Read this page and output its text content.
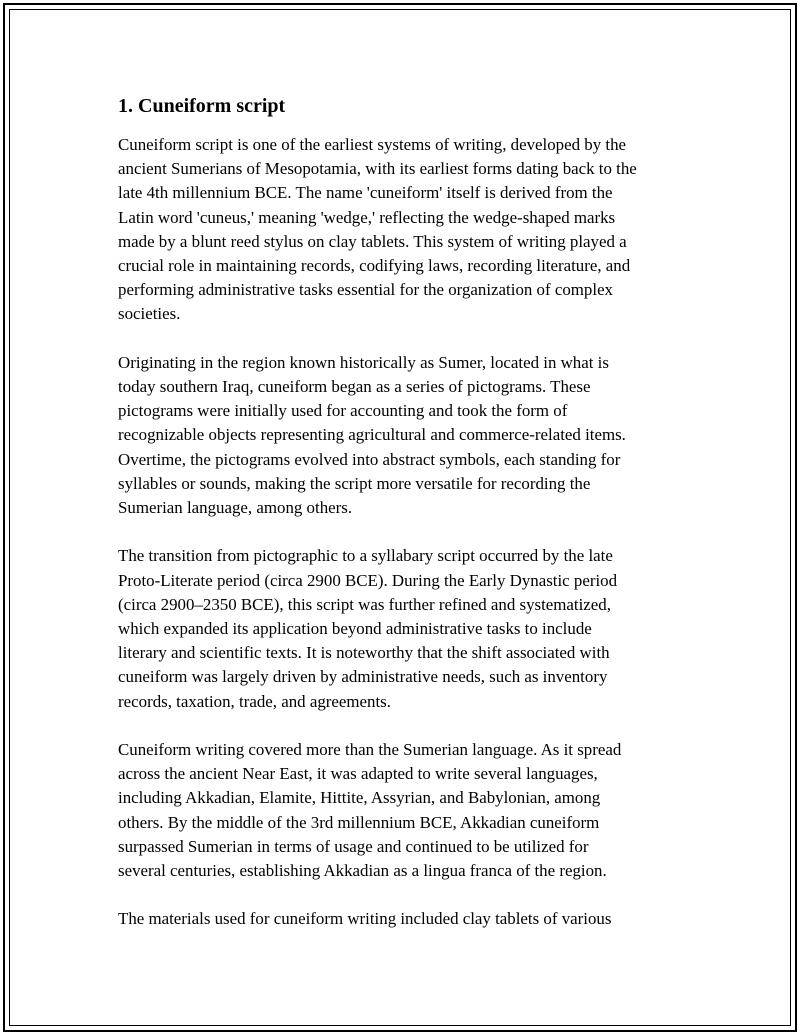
1. Cuneiform script
Cuneiform script is one of the earliest systems of writing, developed by the
ancient Sumerians of Mesopotamia, with its earliest forms dating back to the
late 4th millennium BCE. The name 'cuneiform' itself is derived from the
Latin word 'cuneus,' meaning 'wedge,' reflecting the wedge-shaped marks
made by a blunt reed stylus on clay tablets. This system of writing played a
crucial role in maintaining records, codifying laws, recording literature, and
performing administrative tasks essential for the organization of complex
societies.
Originating in the region known historically as Sumer, located in what is
today southern Iraq, cuneiform began as a series of pictograms. These
pictograms were initially used for accounting and took the form of
recognizable objects representing agricultural and commerce-related items.
Overtime, the pictograms evolved into abstract symbols, each standing for
syllables or sounds, making the script more versatile for recording the
Sumerian language, among others.
The transition from pictographic to a syllabary script occurred by the late
Proto-Literate period (circa 2900 BCE). During the Early Dynastic period
(circa 2900–2350 BCE), this script was further refined and systematized,
which expanded its application beyond administrative tasks to include
literary and scientific texts. It is noteworthy that the shift associated with
cuneiform was largely driven by administrative needs, such as inventory
records, taxation, trade, and agreements.
Cuneiform writing covered more than the Sumerian language. As it spread
across the ancient Near East, it was adapted to write several languages,
including Akkadian, Elamite, Hittite, Assyrian, and Babylonian, among
others. By the middle of the 3rd millennium BCE, Akkadian cuneiform
surpassed Sumerian in terms of usage and continued to be utilized for
several centuries, establishing Akkadian as a lingua franca of the region.
The materials used for cuneiform writing included clay tablets of various
